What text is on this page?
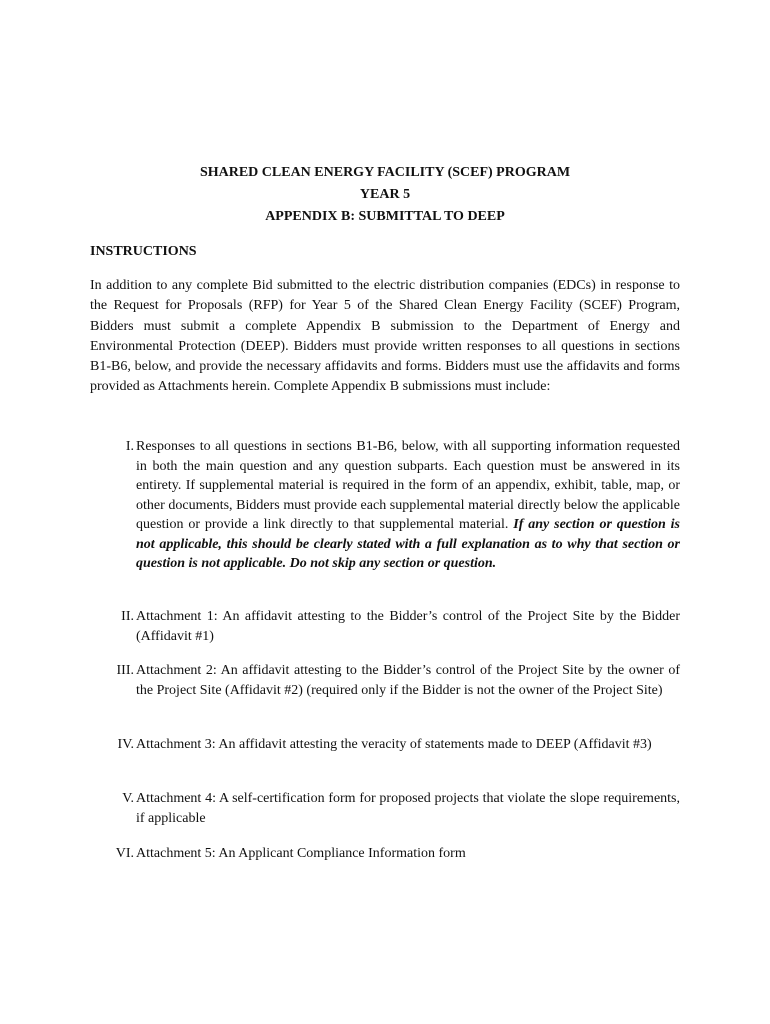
SHARED CLEAN ENERGY FACILITY (SCEF) PROGRAM
YEAR 5
APPENDIX B: SUBMITTAL TO DEEP
INSTRUCTIONS

In addition to any complete Bid submitted to the electric distribution companies (EDCs) in response to the Request for Proposals (RFP) for Year 5 of the Shared Clean Energy Facility (SCEF) Program, Bidders must submit a complete Appendix B submission to the Department of Energy and Environmental Protection (DEEP). Bidders must provide written responses to all questions in sections B1-B6, below, and provide the necessary affidavits and forms. Bidders must use the affidavits and forms provided as Attachments herein. Complete Appendix B submissions must include:

I. Responses to all questions in sections B1-B6, below, with all supporting information requested in both the main question and any question subparts. Each question must be answered in its entirety. If supplemental material is required in the form of an appendix, exhibit, table, map, or other documents, Bidders must provide each supplemental material directly below the applicable question or provide a link directly to that supplemental material. If any section or question is not applicable, this should be clearly stated with a full explanation as to why that section or question is not applicable. Do not skip any section or question.
II. Attachment 1: An affidavit attesting to the Bidder’s control of the Project Site by the Bidder (Affidavit #1)
III. Attachment 2: An affidavit attesting to the Bidder’s control of the Project Site by the owner of the Project Site (Affidavit #2) (required only if the Bidder is not the owner of the Project Site)
IV. Attachment 3: An affidavit attesting the veracity of statements made to DEEP (Affidavit #3)
V. Attachment 4: A self-certification form for proposed projects that violate the slope requirements, if applicable
VI. Attachment 5: An Applicant Compliance Information form
